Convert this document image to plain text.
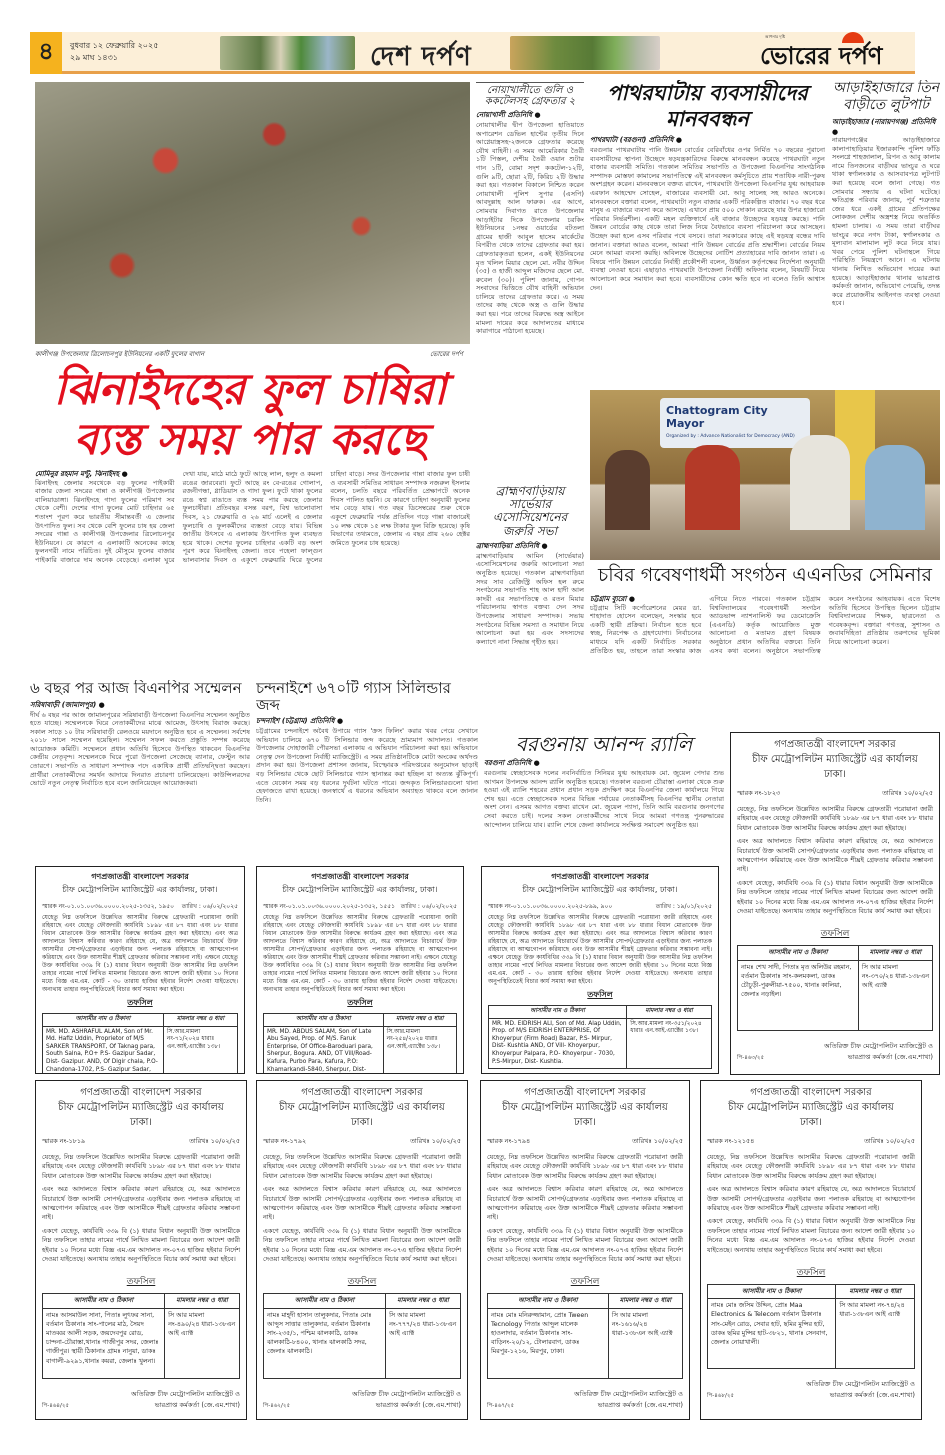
৪	বুধবার ১২ ফেব্রুয়ারি ২০২৫
২৯ মাঘ ১৪৩১	দেশ দর্পণ
আপনার দৃষ্টি
ভোরের দর্পণ
কালীগঞ্জ উপজেলার ত্রিলোচনপুর ইউনিয়নের একটি ফুলের বাগান	ভোরের দর্পণ
ঝিনাইদহের ফুল চাষিরা
ব্যস্ত সময় পার করছে
মোমিনুর রহমান মন্টু, ঝিনাইদহ ●
ঝিনাইদহ জেলার সবথেকে বড় ফুলের পাইকারী বাজার জেলা সদরের গান্না ও কালীগঞ্জ উপজেলার বালিয়াডাঙ্গা। ঝিনাইদহে গাদা ফুলের পরিমাণ সব থেকে বেশী। দেশের গাদা ফুলের মোট চাহিদার ৬৫ শতাংশ পূরণ করে ভারতীয় সীমান্তবর্তী এ জেলার উৎপাদিত ফুল। সব থেকে বেশি ফুলের চাষ হয় জেলা সদরের গান্না ও কালীগঞ্জ উপজেলার ত্রিলোচনপুর ইউনিয়নে। যে কারণে এ এলাকাটি অনেকের কাছে ফুলনগরী নামে পরিচিত। দুই মৌসুমে ফুলের বাজার পাইকারি বাজারে দাম অনেক বেড়েছে। এলাকা ঘুরে দেখা যায়, মাঠে মাঠে ফুটে আছে লাল, হলুদ ও কমলা রঙের জারবেরা। ফুটে আছে রং বে-রঙের গোলাপ, রজনীগন্ধা, গ্লাডিয়াস ও গাদা ফুল। ফুটে থাকা ফুলের রঙে স্বপ্ন রাঙাতে ব্যস্ত সময় পার করছে জেলার ফুলচাষীরা। প্রতিবছর বসন্ত বরণ, বিশ্ব ভালোবাসা দিবস, ২১ ফেব্রুয়ারি ও ২৬ মার্চ এলেই এ জেলার ফুলচাষি ও ফুলকর্মীদের ব্যস্ততা বেড়ে যায়। বিভিন্ন জাতীয় উৎসবে এ এলাকায় উৎপাদিত ফুল ব্যবহৃত হয়ে থাকে। দেশের ফুলের চাহিদার একটি বড় অংশ পূরণ করে ঝিনাইদহ জেলা। তবে পহেলা ফাল্গুন ভালবাসার দিবস ও একুশে ফেব্রুয়ারি ঘিরে ফুলের চাহিদা বাড়ে। সদর উপজেলার গান্না বাজার ফুল চাষী ও ব্যবসায়ী সমিতির সাধারন সম্পাদক নজরুল ইসলাম বলেন, চলতি বছরে পরিবর্তিত প্রেক্ষাপটে অনেক দিবস পালিত হয়নি। যে কারণে চাহিদা অনুযায়ী ফুলের দাম বেড়ে যায়। গত বছর ডিসেম্বরের শুরু থেকে একুশে ফেব্রুয়ারি পর্যন্ত প্রতিদিন গড়ে গান্না বাজারেই ১০ লক্ষ থেকে ১৫ লক্ষ টাকার ফুল বিক্রি হয়েছে। কৃষি বিভাগের তথ্যমতে, জেলায় এ বছর প্রায় ২৬০ হেক্টর জমিতে ফুলের চাষ হয়েছে।
নোয়াখালীতে গুলি ও ককটেলসহ গ্রেফতার ২
নোয়াখালী প্রতিনিধি ●
নোয়াখালীর দ্বীপ উপজেলা হাতিয়াতে অপারেশন ডেভিল হান্টের তৃতীয় দিনে আগ্নেয়াস্ত্রসহ-২জনকে গ্রেফতার করেছে যৌথ বাহিনী। এ সময় আমেরিকার তৈরী ১টি পিস্তল, দেশীয় তৈরী ওয়ান শুটার গান ১টি, বোমা সদৃশ ককটেল-১২টি, গুলি ৯টি, ছোরা ২টি, কিরিচ ২টি উদ্ধার করা হয়। গতকাল বিকালে নিশ্চিত করেন নোয়াখালী পুলিশ সুপার (এসপি) আবদুল্লাহ আল ফারুক। এর আগে, সোমবার দিবাগত রাতে উপজেলার আড়াইটার দিকে উপজেলার চরকিং ইউনিয়নের ১নম্বর ওয়ার্ডের বটতলা গ্রামের হাজী আবুল হাসেম মার্কেটের বিপরীত থেকে তাদের গ্রেফতার করা হয়। গ্রেফতারকৃতরা হলেন, একই ইউনিয়নের মৃত খলিল মিয়ার ছেলে মো. নবীর উদ্দিন (৩৫) ও হাজী আব্দুল মজিদের ছেলে মো. রুবেল (৩০)। পুলিশ জানায়, গোপন সংবাদের ভিত্তিতে যৌথ বাহিনী অভিযান চালিয়ে তাদের গ্রেফতার করে। এ সময় তাদের কাছ থেকে অস্ত্র ও গুলি উদ্ধার করা হয়। পরে তাদের বিরুদ্ধে অস্ত্র আইনে মামলা দায়ের করে আদালতের মাধ্যমে কারাগারে পাঠানো হয়েছে।
ব্রাহ্মণবাড়িয়ায় সার্ভেয়ার এসোসিয়েশনের জরুরি সভা
ব্রাহ্মণবাড়িয়া প্রতিনিধি ●
ব্রাহ্মণবাড়িয়ায় আমিন (সার্ভেয়ার) এসোসিয়েশনের জরুরি আলোচনা সভা অনুষ্ঠিত হয়েছে। গতকাল ব্রাহ্মণবাড়িয়া সদর সাব রেজিস্ট্রি অফিস হল রুমে সংগঠনের সভাপতি শাহ আল হাদী আল কাদরী এর সভাপতিত্বে ও রতন মিয়ার পরিচালনায় স্বাগত বক্তব্য দেন সদর উপজেলার সাধারণ সম্পাদক। সভায় সংগঠনের বিভিন্ন সমস্যা ও সমাধান নিয়ে আলোচনা করা হয় এবং সদস্যদের কল্যাণে নানা সিদ্ধান্ত গৃহীত হয়।
পাথরঘাটায় ব্যবসায়ীদের মানববন্ধন
পাথরঘাটা (বরগুনা) প্রতিনিধি ●
বরগুনার পাথরঘাটায় পানি উন্নয়ন বোর্ডের বেরিবাঁধের ওপর নির্মিত ৭০ বছরের পুরানো ব্যবসায়ীদের স্থাপনা উচ্ছেদে ষড়যন্ত্রকারিদের বিরুদ্ধে মানববন্ধন করেছে পাথরঘাটা নতুন বাজার ব্যবসায়ী সমিতি। গতকাল সমিতির সভাপতি ও উপজেলা বিএনপির সাংগঠনিক সম্পাদক মোস্তফা কামালের সভাপতিত্বে এই মানববন্ধন কর্মসূচিতে প্রায় শতাধিক নারী-পুরুষ অংশগ্রহন করেন। মানববন্ধনে বক্তব্য রাখেন, পাথরঘাটা উপজেলা বিএনপির যুগ্ম আহবায়ক এরফান আহম্মেদ সোহেল, বাজারের ব্যবসায়ী মো. আবু সালেহ সহ আরও অনেকে। মানববন্ধনে বক্তারা বলেন, পাথরঘাটা নতুন বাজার একটি পরিকল্পিত বাজার। ৭০ বছর ধরে মানুষ এ বাজারে ব্যবসা করে আসছে। এখানে প্রায় ৫০০ দোকান রয়েছে যার উপর হাজারো পরিবার নির্ভরশীল। একটি মহল ব্যক্তিস্বার্থে এই বাজার উচ্ছেদের ষড়যন্ত্র করছে। পানি উন্নয়ন বোর্ডের কাছ থেকে তারা লিজ নিয়ে বৈধভাবে ব্যবসা পরিচালনা করে আসছেন। উচ্ছেদ করা হলে এসব পরিবার পথে বসবে। তারা সরকারের কাছে এই ষড়যন্ত্র বন্ধের দাবি জানান। বক্তারা আরও বলেন, আমরা পানি উন্নয়ন বোর্ডের প্রতি শ্রদ্ধাশীল। বোর্ডের নিয়ম মেনে আমরা ব্যবসা করছি। অবিলম্বে উচ্ছেদের নোটিশ প্রত্যাহারের দাবি জানান তারা। এ বিষয়ে পানি উন্নয়ন বোর্ডের নির্বাহী প্রকৌশলী বলেন, উর্ধ্বতন কর্তৃপক্ষের নির্দেশনা অনুযায়ী ব্যবস্থা নেওয়া হবে। এছাড়াও পাথরঘাটা উপজেলা নির্বাহী অফিসার বলেন, বিষয়টি নিয়ে আলোচনা করে সমাধান করা হবে। ব্যবসায়ীদের কোন ক্ষতি হবে না বলেও তিনি আশ্বাস দেন।
আড়াইহাজারে তিন বাড়ীতে লুটপাট
আড়াইহাজার (নারায়ণগঞ্জ) প্রতিনিধি ●
নারায়ণগঞ্জের আড়াইহাজারে কালাপাহাড়িয়ার ইজারকান্দি পুলিশ ফাঁড়ি সংলগ্নে শাহজালাল, রিপন ও আবু কালাম নামে তিনজনের বাড়ীঘর ভাংচুর ও ঘরে থাকা স্বর্ণালংকার ও আসবাবপত্র লুটপাট করা হয়েছে বলে জানা গেছে। গত সোমবার সন্ধ্যায় এ ঘটনা ঘটেছে। ক্ষতিগ্রস্ত পরিবার জানায়, পূর্ব শত্রুতার জের ধরে একই গ্রামের প্রতিপক্ষের লোকজন দেশীয় অস্ত্রশস্ত্র নিয়ে অতর্কিত হামলা চালায়। এ সময় তারা বাড়ীঘর ভাংচুর করে নগদ টাকা, স্বর্ণালংকার ও মূল্যবান মালামাল লুট করে নিয়ে যায়। খবর পেয়ে পুলিশ ঘটনাস্থলে গিয়ে পরিস্থিতি নিয়ন্ত্রণে আনে। এ ঘটনায় থানায় লিখিত অভিযোগ দায়ের করা হয়েছে। আড়াইহাজার থানার ভারপ্রাপ্ত কর্মকর্তা জানান, অভিযোগ পেয়েছি, তদন্ত করে প্রয়োজনীয় আইনগত ব্যবস্থা নেওয়া হবে।
Chattogram City Mayor
Organized by : Advance Nationalist for Democracy (AND)
চবির গবেষণাধর্মী সংগঠন এএনডির সেমিনার
চট্টগ্রাম ব্যুরো ●
চট্টগ্রাম সিটি কর্পোরেশনের মেয়র ডা. শাহাদাত হোসেন বলেছেন, সংস্কার হবে একটি স্থায়ী প্রক্রিয়া। নির্বাচন হতে হবে স্বচ্ছ, নিরপেক্ষ ও গ্রহণযোগ্য। নির্বাচনের মাধ্যমে যদি একটি নির্বাচিত সরকার প্রতিষ্ঠিত হয়, তাহলে তারা সংস্কার কাজ এগিয়ে নিতে পারবে। গতকাল চট্টগ্রাম বিশ্ববিদ্যালয়ের গবেষণাধর্মী সংগঠন অ্যাডভান্স ন্যাশনালিস্ট ফর ডেমোক্রেসি (এএনডি) কর্তৃক আয়োজিত মুক্ত আলোচনা ও মতামত গ্রহণ বিষয়ক অনুষ্ঠানে প্রধান অতিথির বক্তব্যে তিনি এসব কথা বলেন। অনুষ্ঠানে সভাপতিত্ব করেন সংগঠনের আহবায়ক। এতে বিশেষ অতিথি হিসেবে উপস্থিত ছিলেন চট্টগ্রাম বিশ্ববিদ্যালয়ের শিক্ষক, ছাত্রনেতা ও গবেষকবৃন্দ। বক্তারা গণতন্ত্র, সুশাসন ও জবাবদিহিতা প্রতিষ্ঠায় তরুণদের ভূমিকা নিয়ে আলোচনা করেন।
৬ বছর পর আজ বিএনপির সম্মেলন
সরিষাবাড়ী (জামালপুর) ●
দীর্ঘ ৬ বছর পর আজ জামালপুরের সরিষাবাড়ী উপজেলা বিএনপির সম্মেলন অনুষ্ঠিত হতে যাচ্ছে। সম্মেলনকে ঘিরে নেতাকর্মীদের মাঝে আমেজ, উৎসাহ বিরাজ করছে। সকাল সাড়ে ১০ টায় সরিষাবাড়ী রেলওয়ে ময়দানে অনুষ্ঠিত হবে এ সম্মেলন। সর্বশেষ ২০১৮ সালে সম্মেলন হয়েছিল। সম্মেলন সফল করতে প্রস্তুতি সম্পন্ন করেছে আয়োজক কমিটি। সম্মেলনে প্রধান অতিথি হিসেবে উপস্থিত থাকবেন বিএনপির কেন্দ্রীয় নেতৃবৃন্দ। সম্মেলনকে ঘিরে পুরো উপজেলা সেজেছে ব্যানার, ফেস্টুন আর তোরণে। সভাপতি ও সাধারণ সম্পাদক পদে একাধিক প্রার্থী প্রতিদ্বন্দ্বিতা করছেন। প্রার্থীরা নেতাকর্মীদের সমর্থন আদায়ে দিনরাত প্রচারণা চালিয়েছেন। কাউন্সিলরদের ভোটে নতুন নেতৃত্ব নির্বাচিত হবে বলে জানিয়েছেন আয়োজকরা।
চন্দনাইশে ৬৭০টি গ্যাস সিলিন্ডার জব্দ
চন্দনাইশ (চট্টগ্রাম) প্রতিনিধি ●
চট্টগ্রামের চন্দনাইশে অবৈধ উপায়ে গ্যাস 'ক্রস ফিলিং' করার খবর পেয়ে সেখানে অভিযান চালিয়ে ৬৭০ টি সিলিন্ডার জব্দ করেছে ভ্রাম্যমাণ আদালত। গতকাল উপজেলার দোহাজারী পৌরসভা এলাকায় এ অভিযান পরিচালনা করা হয়। অভিযানে নেতৃত্ব দেন উপজেলা নির্বাহী ম্যাজিস্ট্রেট। এ সময় প্রতিষ্ঠানটিকে মোটা অংকের অর্থদণ্ড প্রদান করা হয়। উপজেলা প্রশাসন জানায়, বিস্ফোরক পরিদপ্তরের অনুমোদন ছাড়াই বড় সিলিন্ডার থেকে ছোট সিলিন্ডারে গ্যাস স্থানান্তর করা হচ্ছিল যা অত্যন্ত ঝুঁকিপূর্ণ। এতে যেকোন সময় বড় ধরনের দুর্ঘটনা ঘটতে পারে। জব্দকৃত সিলিন্ডারগুলো থানা হেফাজতে রাখা হয়েছে। জনস্বার্থে এ ধরনের অভিযান অব্যাহত থাকবে বলে জানান তিনি।
বরগুনায় আনন্দ র‍্যালি
বরগুনা প্রতিনিধি ●
বরগুনায় স্বেচ্ছাসেবক দলের নবনির্বাচিত সিনিয়র যুগ্ম আহবায়ক মো. জুয়েল পেদার শুভ আগমন উপলক্ষে আনন্দ র‍্যালি অনুষ্ঠিত হয়েছে। গতকাল বরগুনা চৌরাস্তা এলাকা থেকে শুরু হওয়া এই র‍্যালি শহরের প্রধান প্রধান সড়ক প্রদক্ষিণ করে বিএনপির জেলা কার্যালয়ে গিয়ে শেষ হয়। এতে স্বেচ্ছাসেবক দলের বিভিন্ন পর্যায়ের নেতাকর্মীসহ বিএনপির স্থানীয় নেতারা অংশ নেন। এসময় আগত বক্তব্য রাখেন মো. জুয়েল প্যাদা, তিনি আমি বরগুনার জনগণের সেবা করতে চাই। দলের সকল নেতাকর্মীদের সাথে নিয়ে আমরা গণতন্ত্র পুনরুদ্ধারের আন্দোলন চালিয়ে যাব। র‍্যালি শেষে জেলা কার্যালয়ে সংক্ষিপ্ত সমাবেশ অনুষ্ঠিত হয়।
গণপ্রজাতন্ত্রী বাংলাদেশ সরকার
চীফ মেট্রোপলিটন ম্যাজিস্ট্রেট এর কার্যালয়, ঢাকা।
স্মারক নং-০১.০১.০০৩৬.০০০০.২০২৫-১৩৫২, ১৯৫০ তারিখ : ০৬/০২/২০২৫
যেহেতু নিম্ন তফসিলে উল্লেখিত আসামীর বিরুদ্ধে গ্রেফতারী পরোয়ানা জারী রহিয়াছে এবং যেহেতু ফৌজদারী কার্যবিধি ১৮৯৮ এর ৮৭ ধারা এবং ৮৮ ধারার বিধান মোতাবেক উক্ত আসামীর বিরুদ্ধে কার্যক্রম গ্রহণ করা হইয়াছে। এবং অত্র আদালতে বিশ্বাস করিবার কারণ রহিয়াছে যে, অত্র আদালতে বিচারার্থে উক্ত আসামীর সোপর্দ/গ্রেফতার এড়াইবার জন্য পলাতক রহিয়াছে বা আত্মগোপন করিয়াছে এবং উক্ত আসামীর শীঘ্রই গ্রেফতার করিবার সম্ভাবনা নাই। এক্ষনে যেহেতু উক্ত কার্যবিধির ৩৩৯ বি (১) ধারার বিধান অনুযায়ী উক্ত আসামীর নিম্ন তফসিল তাহার নামের পার্শ্বে লিখিত মামলার বিচারের জন্য আদেশ জারী হইবার ১০ দিনের মধ্যে বিজ্ঞ এম.এম. কোর্ট - ৩০ তারায় হাজির হইবার নির্দেশ দেওয়া যাইতেছে। অন্যথায় তাহার অনুপস্থিতিতেই বিচার কার্য সমাধা করা হইবে।
তফসিল
আসামীর নাম ও ঠিকানা	মামলার নম্বর ও ধারা
MR. MD. ASHRAFUL ALAM, Son of Mr. Md. Hafiz Uddin, Proprietor of M/S SARKER TRANSPORT, Of Taknag para, South Salna, P.O+ P.S- Gazipur Sadar, Dist- Gazipur. AND, Of Digir chala, P.O- Chandona-1702, P.S- Gazipur Sadar,	সি.আর.মামলা নং-৭১/২০২৪ ধারাঃ এন.আই.এ্যাক্টের ১৩৮।
গণপ্রজাতন্ত্রী বাংলাদেশ সরকার
চীফ মেট্রোপলিটন ম্যাজিস্ট্রেট এর কার্যালয়, ঢাকা।
স্মারক নং-০১.০১.০০৩৬.০০০০.২০২৫-১৩৫২, ১৫৫১ তারিখ : ০৬/০২/২০২৫
যেহেতু নিম্ন তফসিলে উল্লেখিত আসামীর বিরুদ্ধে গ্রেফতারী পরোয়ানা জারী রহিয়াছে এবং যেহেতু ফৌজদারী কার্যবিধি ১৮৯৮ এর ৮৭ ধারা এবং ৮৮ ধারার বিধান মোতাবেক উক্ত আসামীর বিরুদ্ধে কার্যক্রম গ্রহণ করা হইয়াছে। এবং অত্র আদালতে বিশ্বাস করিবার কারণ রহিয়াছে যে, অত্র আদালতে বিচারার্থে উক্ত আসামীর সোপর্দ/গ্রেফতার এড়াইবার জন্য পলাতক রহিয়াছে বা আত্মগোপন করিয়াছে এবং উক্ত আসামীর শীঘ্রই গ্রেফতার করিবার সম্ভাবনা নাই। এক্ষনে যেহেতু উক্ত কার্যবিধির ৩৩৯ বি (১) ধারার বিধান অনুযায়ী উক্ত আসামীর নিম্ন তফসিল তাহার নামের পার্শ্বে লিখিত মামলার বিচারের জন্য আদেশ জারী হইবার ১০ দিনের মধ্যে বিজ্ঞ এম.এম. কোর্ট - ৩০ তারায় হাজির হইবার নির্দেশ দেওয়া যাইতেছে। অন্যথায় তাহার অনুপস্থিতিতেই বিচার কার্য সমাধা করা হইবে।
তফসিল
আসামীর নাম ও ঠিকানা	মামলার নম্বর ও ধারা
MR. MD. ABDUS SALAM, Son of Late Abu Sayed, Prop. of M/S. Faruk Enterprise, Of Office-Baroduari para, Sherpur, Bogura. AND, OT Vill/Road- Kafura, Purbo Para, Kafura, P.O: Khamarkandi-5840, Sherpur, Dist-	সি.আর.মামলা নং-২৫৪/২০২৪ ধারাঃ এন.আই.এ্যাক্টের ১৩৮।
গণপ্রজাতন্ত্রী বাংলাদেশ সরকার
চীফ মেট্রোপলিটন ম্যাজিস্ট্রেট এর কার্যালয়, ঢাকা।
স্মারক নং-০১.০১.০০৩৬.০০০০.২০২৫-৮৯৯, ৯০০	তারিখ : ১৯/০১/২০২৫
যেহেতু নিম্ন তফসিলে উল্লেখিত আসামীর বিরুদ্ধে গ্রেফতারী পরোয়ানা জারী রহিয়াছে এবং যেহেতু ফৌজদারী কার্যবিধি ১৮৯৮ এর ৮৭ ধারা এবং ৮৮ ধারার বিধান মোতাবেক উক্ত আসামীর বিরুদ্ধে কার্যক্রম গ্রহণ করা হইয়াছে। এবং অত্র আদালতে বিশ্বাস করিবার কারণ রহিয়াছে যে, অত্র আদালতে বিচারার্থে উক্ত আসামীর সোপর্দ/গ্রেফতার এড়াইবার জন্য পলাতক রহিয়াছে বা আত্মগোপন করিয়াছে এবং উক্ত আসামীর শীঘ্রই গ্রেফতার করিবার সম্ভাবনা নাই। এক্ষনে যেহেতু উক্ত কার্যবিধির ৩৩৯ বি (১) ধারার বিধান অনুযায়ী উক্ত আসামীর নিম্ন তফসিল তাহার নামের পার্শ্বে লিখিত মামলার বিচারের জন্য আদেশ জারী হইবার ১০ দিনের মধ্যে বিজ্ঞ এম.এম. কোর্ট - ৩০ তারায় হাজির হইবার নির্দেশ দেওয়া যাইতেছে। অন্যথায় তাহার অনুপস্থিতিতেই বিচার কার্য সমাধা করা হইবে।
তফসিল
আসামীর নাম ও ঠিকানা	মামলার নম্বর ও ধারা
MR. MD. EIDRISH ALI, Son of Md. Alap Uddin, Prop. of M/S EIDRISH ENTERPRISE, Of Khoyerpur (Firm Road) Bazar, P.S- Mirpur, Dist- Kushtia AND, Of Vill- Khoyerpur, Khoyerpur Palpara, P.O- Khoyerpur - 7030, P.S-Mirpur, Dist- Kushtia.	সি.আর.মামলা নং-৩৫১/২০২৪ ধারাঃ এন.আই.এ্যাক্টের ১৩৮।
গণপ্রজাতন্ত্রী বাংলাদেশ সরকার
চীফ মেট্রোপলিটন ম্যাজিস্ট্রেট এর কার্যালয়
ঢাকা।
স্মারক নং-১৮২৩	তারিখঃ ১০/০২/২৫
যেহেতু, নিম্ন তফসিলে উল্লেখিত আসামীর বিরুদ্ধে গ্রেফতারী পরোয়ানা জারী রহিয়াছে এবং যেহেতু ফৌজদারী কার্যবিধি ১৮৯৮ এর ৮৭ ধারা এবং ৮৮ ধারার বিধান মোতাবেক উক্ত আসামীর বিরুদ্ধে কার্যক্রম গ্রহণ করা হইয়াছে।
এবং অত্র আদালতে বিশ্বাস করিবার কারণ রহিয়াছে যে, অত্র আদালতে বিচারার্থে উক্ত আসামী সোপর্দ/গ্রেফতার এড়াইবার জন্য পলাতক রহিয়াছে বা আত্মগোপন করিয়াছে এবং উক্ত আসামীকে শীঘ্রই গ্রেফতার করিবার সম্ভাবনা নাই।
একণে যেহেতু, কার্যবিধি ৩৩৯ বি (১) ধারার বিধান অনুযায়ী উক্ত আসামীকে নিম্ন তফসিলে তাহার নামের পার্শ্বে লিখিত মামলা বিচারের জন্য আদেশ জারী হইবার ১০ দিনের মধ্যে বিজ্ঞ এম.এম আদালত নং-০৭এ হাজির হইবার নির্দেশ দেওয়া যাইতেছে। অন্যথায় তাহার অনুপস্থিতিতে বিচার কার্য সমাধা করা হইবে।
তফসিল
আসামীর নাম ও ঠিকানা	মামলার নম্বর ও ধারা
নামঃ শেখ সাদী, পিতাঃ মৃত অলিউর রহমান, বর্তমান ঠিকানাঃ সাং-কলমকলা, ডাকঃ চৌচুড়ী-পুরুলীয়া-৭৫০০, থানাঃ কালিয়া, জেলাঃ নড়াইল।	সি আর মামলা নং-৩৭০/২৪ ধারা-১৩৮এন আই এ্যাক্ট
অতিরিক্ত চীফ মেট্রোপলিটন ম্যাজিস্ট্রেট ও
ভারপ্রাপ্ত কর্মকর্তা (জে.এম.শাখা)
পি-৪৬৩/২৫
গণপ্রজাতন্ত্রী বাংলাদেশ সরকার
চীফ মেট্রোপলিটন ম্যাজিস্ট্রেট এর কার্যালয়
ঢাকা।
স্মারক নং-১৮১৯	তারিখঃ ১০/০২/২৫
যেহেতু, নিম্ন তফসিলে উল্লেখিত আসামীর বিরুদ্ধে গ্রেফতারী পরোয়ানা জারী রহিয়াছে এবং যেহেতু ফৌজদারী কার্যবিধি ১৮৯৮ এর ৮৭ ধারা এবং ৮৮ ধারার বিধান মোতাবেক উক্ত আসামীর বিরুদ্ধে কার্যক্রম গ্রহণ করা হইয়াছে।
এবং অত্র আদালতে বিশ্বাস করিবার কারণ রহিয়াছে যে, অত্র আদালতে বিচারার্থে উক্ত আসামী সোপর্দ/গ্রেফতার এড়াইবার জন্য পলাতক রহিয়াছে বা আত্মগোপন করিয়াছে এবং উক্ত আসামীকে শীঘ্রই গ্রেফতার করিবার সম্ভাবনা নাই।
একণে যেহেতু, কার্যবিধি ৩৩৯ বি (১) ধারার বিধান অনুযায়ী উক্ত আসামীকে নিম্ন তফসিলে তাহার নামের পার্শ্বে লিখিত মামলা বিচারের জন্য আদেশ জারী হইবার ১০ দিনের মধ্যে বিজ্ঞ এম.এম আদালত নং-০৭এ হাজির হইবার নির্দেশ দেওয়া যাইতেছে। অন্যথায় তাহার অনুপস্থিতিতে বিচার কার্য সমাধা করা হইবে।
তফসিল
আসামীর নাম ও ঠিকানা	মামলার নম্বর ও ধারা
নামঃ আসমাউল সানা, পিতাঃ লুৎফর সানা, বর্তমান ঠিকানাঃ সাং-পালের মাঠ, সৈয়দ মাতব্বর আলী সড়ক, জয়দেবপুর রোড, চান্দনা-চৌরাস্তা,থানাঃ গাজীপুর সদর, জেলাঃ গাজীপুর। স্থায়ী ঠিকানাঃ গ্রামঃ নানুয়া, ডাকঃ বাগালী-৯২৯১,থানাঃ কয়রা, জেলাঃ খুলনা।	সি আর মামলা নং-৪৯০/২৪ ধারা-১৩৮এন আই এ্যাক্ট
অতিরিক্ত চীফ মেট্রোপলিটন ম্যাজিস্ট্রেট ও
ভারপ্রাপ্ত কর্মকর্তা (জে.এম.শাখা)
পি-৪৬৪/২৫
গণপ্রজাতন্ত্রী বাংলাদেশ সরকার
চীফ মেট্রোপলিটন ম্যাজিস্ট্রেট এর কার্যালয়
ঢাকা।
স্মারক নং-১৭৯২	তারিখঃ ১০/০২/২৫
যেহেতু, নিম্ন তফসিলে উল্লেখিত আসামীর বিরুদ্ধে গ্রেফতারী পরোয়ানা জারী রহিয়াছে এবং যেহেতু ফৌজদারী কার্যবিধি ১৮৯৮ এর ৮৭ ধারা এবং ৮৮ ধারার বিধান মোতাবেক উক্ত আসামীর বিরুদ্ধে কার্যক্রম গ্রহণ করা হইয়াছে।
এবং অত্র আদালতে বিশ্বাস করিবার কারণ রহিয়াছে যে, অত্র আদালতে বিচারার্থে উক্ত আসামী সোপর্দ/গ্রেফতার এড়াইবার জন্য পলাতক রহিয়াছে বা আত্মগোপন করিয়াছে এবং উক্ত আসামীকে শীঘ্রই গ্রেফতার করিবার সম্ভাবনা নাই।
একণে যেহেতু, কার্যবিধি ৩৩৯ বি (১) ধারার বিধান অনুযায়ী উক্ত আসামীকে নিম্ন তফসিলে তাহার নামের পার্শ্বে লিখিত মামলা বিচারের জন্য আদেশ জারী হইবার ১০ দিনের মধ্যে বিজ্ঞ এম.এম আদালত নং-০৭এ হাজির হইবার নির্দেশ দেওয়া যাইতেছে। অন্যথায় তাহার অনুপস্থিতিতে বিচার কার্য সমাধা করা হইবে।
তফসিল
আসামীর নাম ও ঠিকানা	মামলার নম্বর ও ধারা
নামঃ মাহ্‌দী হাসান তালুকদার, পিতাঃ মোঃ আব্দুস সাত্তার তালুকদার, বর্তমান ঠিকানাঃ সাং-২৩৫/১, পশ্চিম ঝালকাঠি, ডাকঃ ঝালকাঠি-৮৪০০, থানাঃ ঝালকাঠি সদর, জেলাঃ ঝালকাঠি।	সি আর মামলা নং-৭৭৭/২৪ ধারা-১৩৮এন আই এ্যাক্ট
অতিরিক্ত চীফ মেট্রোপলিটন ম্যাজিস্ট্রেট ও
ভারপ্রাপ্ত কর্মকর্তা (জে.এম.শাখা)
পি-৪৬২/২৫
গণপ্রজাতন্ত্রী বাংলাদেশ সরকার
চীফ মেট্রোপলিটন ম্যাজিস্ট্রেট এর কার্যালয়
ঢাকা।
স্মারক নং-১৭৯৪	তারিখঃ ১০/০২/২৫
যেহেতু, নিম্ন তফসিলে উল্লেখিত আসামীর বিরুদ্ধে গ্রেফতারী পরোয়ানা জারী রহিয়াছে এবং যেহেতু ফৌজদারী কার্যবিধি ১৮৯৮ এর ৮৭ ধারা এবং ৮৮ ধারার বিধান মোতাবেক উক্ত আসামীর বিরুদ্ধে কার্যক্রম গ্রহণ করা হইয়াছে।
এবং অত্র আদালতে বিশ্বাস করিবার কারণ রহিয়াছে যে, অত্র আদালতে বিচারার্থে উক্ত আসামী সোপর্দ/গ্রেফতার এড়াইবার জন্য পলাতক রহিয়াছে বা আত্মগোপন করিয়াছে এবং উক্ত আসামীকে শীঘ্রই গ্রেফতার করিবার সম্ভাবনা নাই।
একণে যেহেতু, কার্যবিধি ৩৩৯ বি (১) ধারার বিধান অনুযায়ী উক্ত আসামীকে নিম্ন তফসিলে তাহার নামের পার্শ্বে লিখিত মামলা বিচারের জন্য আদেশ জারী হইবার ১০ দিনের মধ্যে বিজ্ঞ এম.এম আদালত নং-০৭এ হাজির হইবার নির্দেশ দেওয়া যাইতেছে। অন্যথায় তাহার অনুপস্থিতিতে বিচার কার্য সমাধা করা হইবে।
তফসিল
আসামীর নাম ও ঠিকানা	মামলার নম্বর ও ধারা
নামঃ মোঃ মনিরুজ্জামান, প্রোঃ Tween Tecnology পিতাঃ আব্দুল মালেক হাওলাদার, বর্তমান ঠিকানাঃ সাং-বাড়িনং-২০/১২, টোলারবাগ, ডাকঃ মিরপুর-১২১৬, মিরপুর, ঢাকা।	সি আর মামলা নং-১৬১৬/২৪ ধারা-১৩৮এন আই এ্যাক্ট
অতিরিক্ত চীফ মেট্রোপলিটন ম্যাজিস্ট্রেট ও
ভারপ্রাপ্ত কর্মকর্তা (জে.এম.শাখা)
পি-৪৬৭/২৫
গণপ্রজাতন্ত্রী বাংলাদেশ সরকার
চীফ মেট্রোপলিটন ম্যাজিস্ট্রেট এর কার্যালয়
ঢাকা।
স্মারক নং-১২১৫৪	তারিখঃ ১০/০২/২৫
যেহেতু, নিম্ন তফসিলে উল্লেখিত আসামীর বিরুদ্ধে গ্রেফতারী পরোয়ানা জারী রহিয়াছে এবং যেহেতু ফৌজদারী কার্যবিধি ১৮৯৮ এর ৮৭ ধারা এবং ৮৮ ধারার বিধান মোতাবেক উক্ত আসামীর বিরুদ্ধে কার্যক্রম গ্রহণ করা হইয়াছে।
এবং অত্র আদালতে বিশ্বাস করিবার কারণ রহিয়াছে যে, অত্র আদালতে বিচারার্থে উক্ত আসামী সোপর্দ/গ্রেফতার এড়াইবার জন্য পলাতক রহিয়াছে বা আত্মগোপন করিয়াছে এবং উক্ত আসামীকে শীঘ্রই গ্রেফতার করিবার সম্ভাবনা নাই।
একণে যেহেতু, কার্যবিধি ৩৩৯ বি (১) ধারার বিধান অনুযায়ী উক্ত আসামীকে নিম্ন তফসিলে তাহার নামের পার্শ্বে লিখিত মামলা বিচারের জন্য আদেশ জারী হইবার ১০ দিনের মধ্যে বিজ্ঞ এম.এম আদালত নং-০৭এ হাজির হইবার নির্দেশ দেওয়া যাইতেছে। অন্যথায় তাহার অনুপস্থিতিতে বিচার কার্য সমাধা করা হইবে।
তফসিল
আসামীর নাম ও ঠিকানা	মামলার নম্বর ও ধারা
নামঃ মোঃ জসিম উদ্দিন, প্রোঃ Maa Electronics & Telecom বর্তমান ঠিকানাঃ সাং-মেইন রোড, সেবার হাট, ছমির মুন্সির হাট, ডাকঃ ছমির মুন্সির হাট-৩৮২১, থানাঃ সেনবাগ, জেলাঃ নোয়াখালী।	সি আর মামলা নং-৭৪/২৪ ধারা-১৩৮এন আই এ্যাক্ট
অতিরিক্ত চীফ মেট্রোপলিটন ম্যাজিস্ট্রেট ও
ভারপ্রাপ্ত কর্মকর্তা (জে.এম.শাখা)
পি-৪৬৮/২৫
